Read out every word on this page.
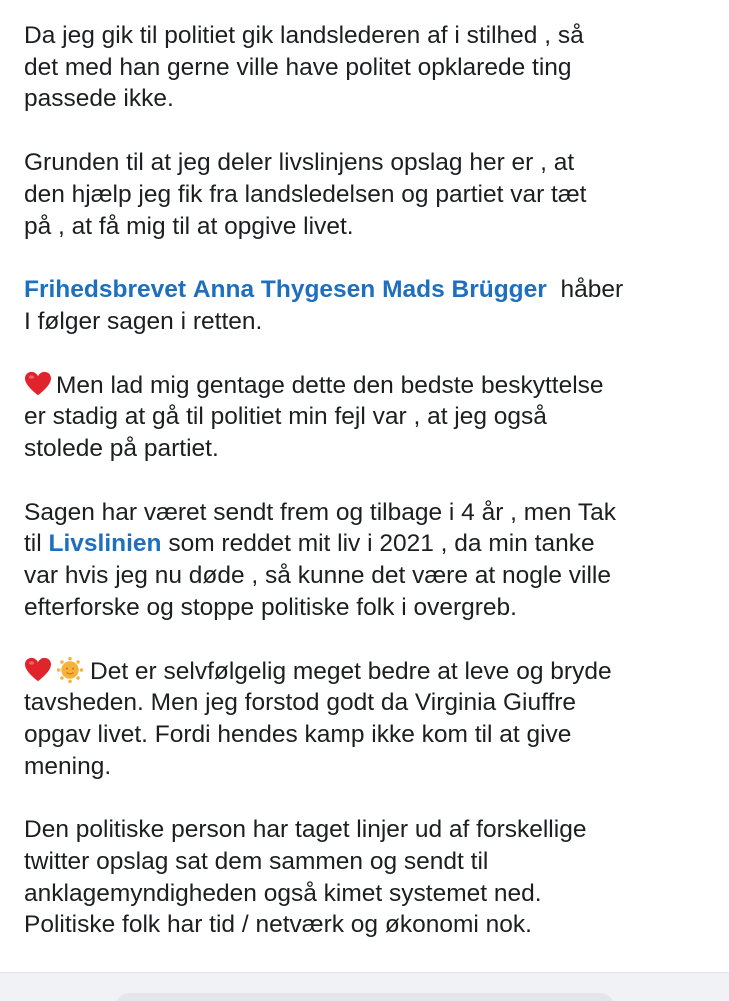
Da jeg gik til politiet gik landslederen af i stilhed , så
det med han gerne ville have politet opklarede ting
passede ikke.

Grunden til at jeg deler livslinjens opslag her er , at
den hjælp jeg fik fra landsledelsen og partiet var tæt
på , at få mig til at opgive livet.

Frihedsbrevet Anna Thygesen Mads Brügger håber
I følger sagen i retten.

Men lad mig gentage dette den bedste beskyttelse
er stadig at gå til politiet min fejl var , at jeg også
stolede på partiet.

Sagen har været sendt frem og tilbage i 4 år , men Tak
til Livslinien som reddet mit liv i 2021 , da min tanke
var hvis jeg nu døde , så kunne det være at nogle ville
efterforske og stoppe politiske folk i overgreb.

Det er selvfølgelig meget bedre at leve og bryde
tavsheden. Men jeg forstod godt da Virginia Giuffre
opgav livet. Fordi hendes kamp ikke kom til at give
mening.

Den politiske person har taget linjer ud af forskellige
twitter opslag sat dem sammen og sendt til
anklagemyndigheden også kimet systemet ned.
Politiske folk har tid / netværk og økonomi nok.
